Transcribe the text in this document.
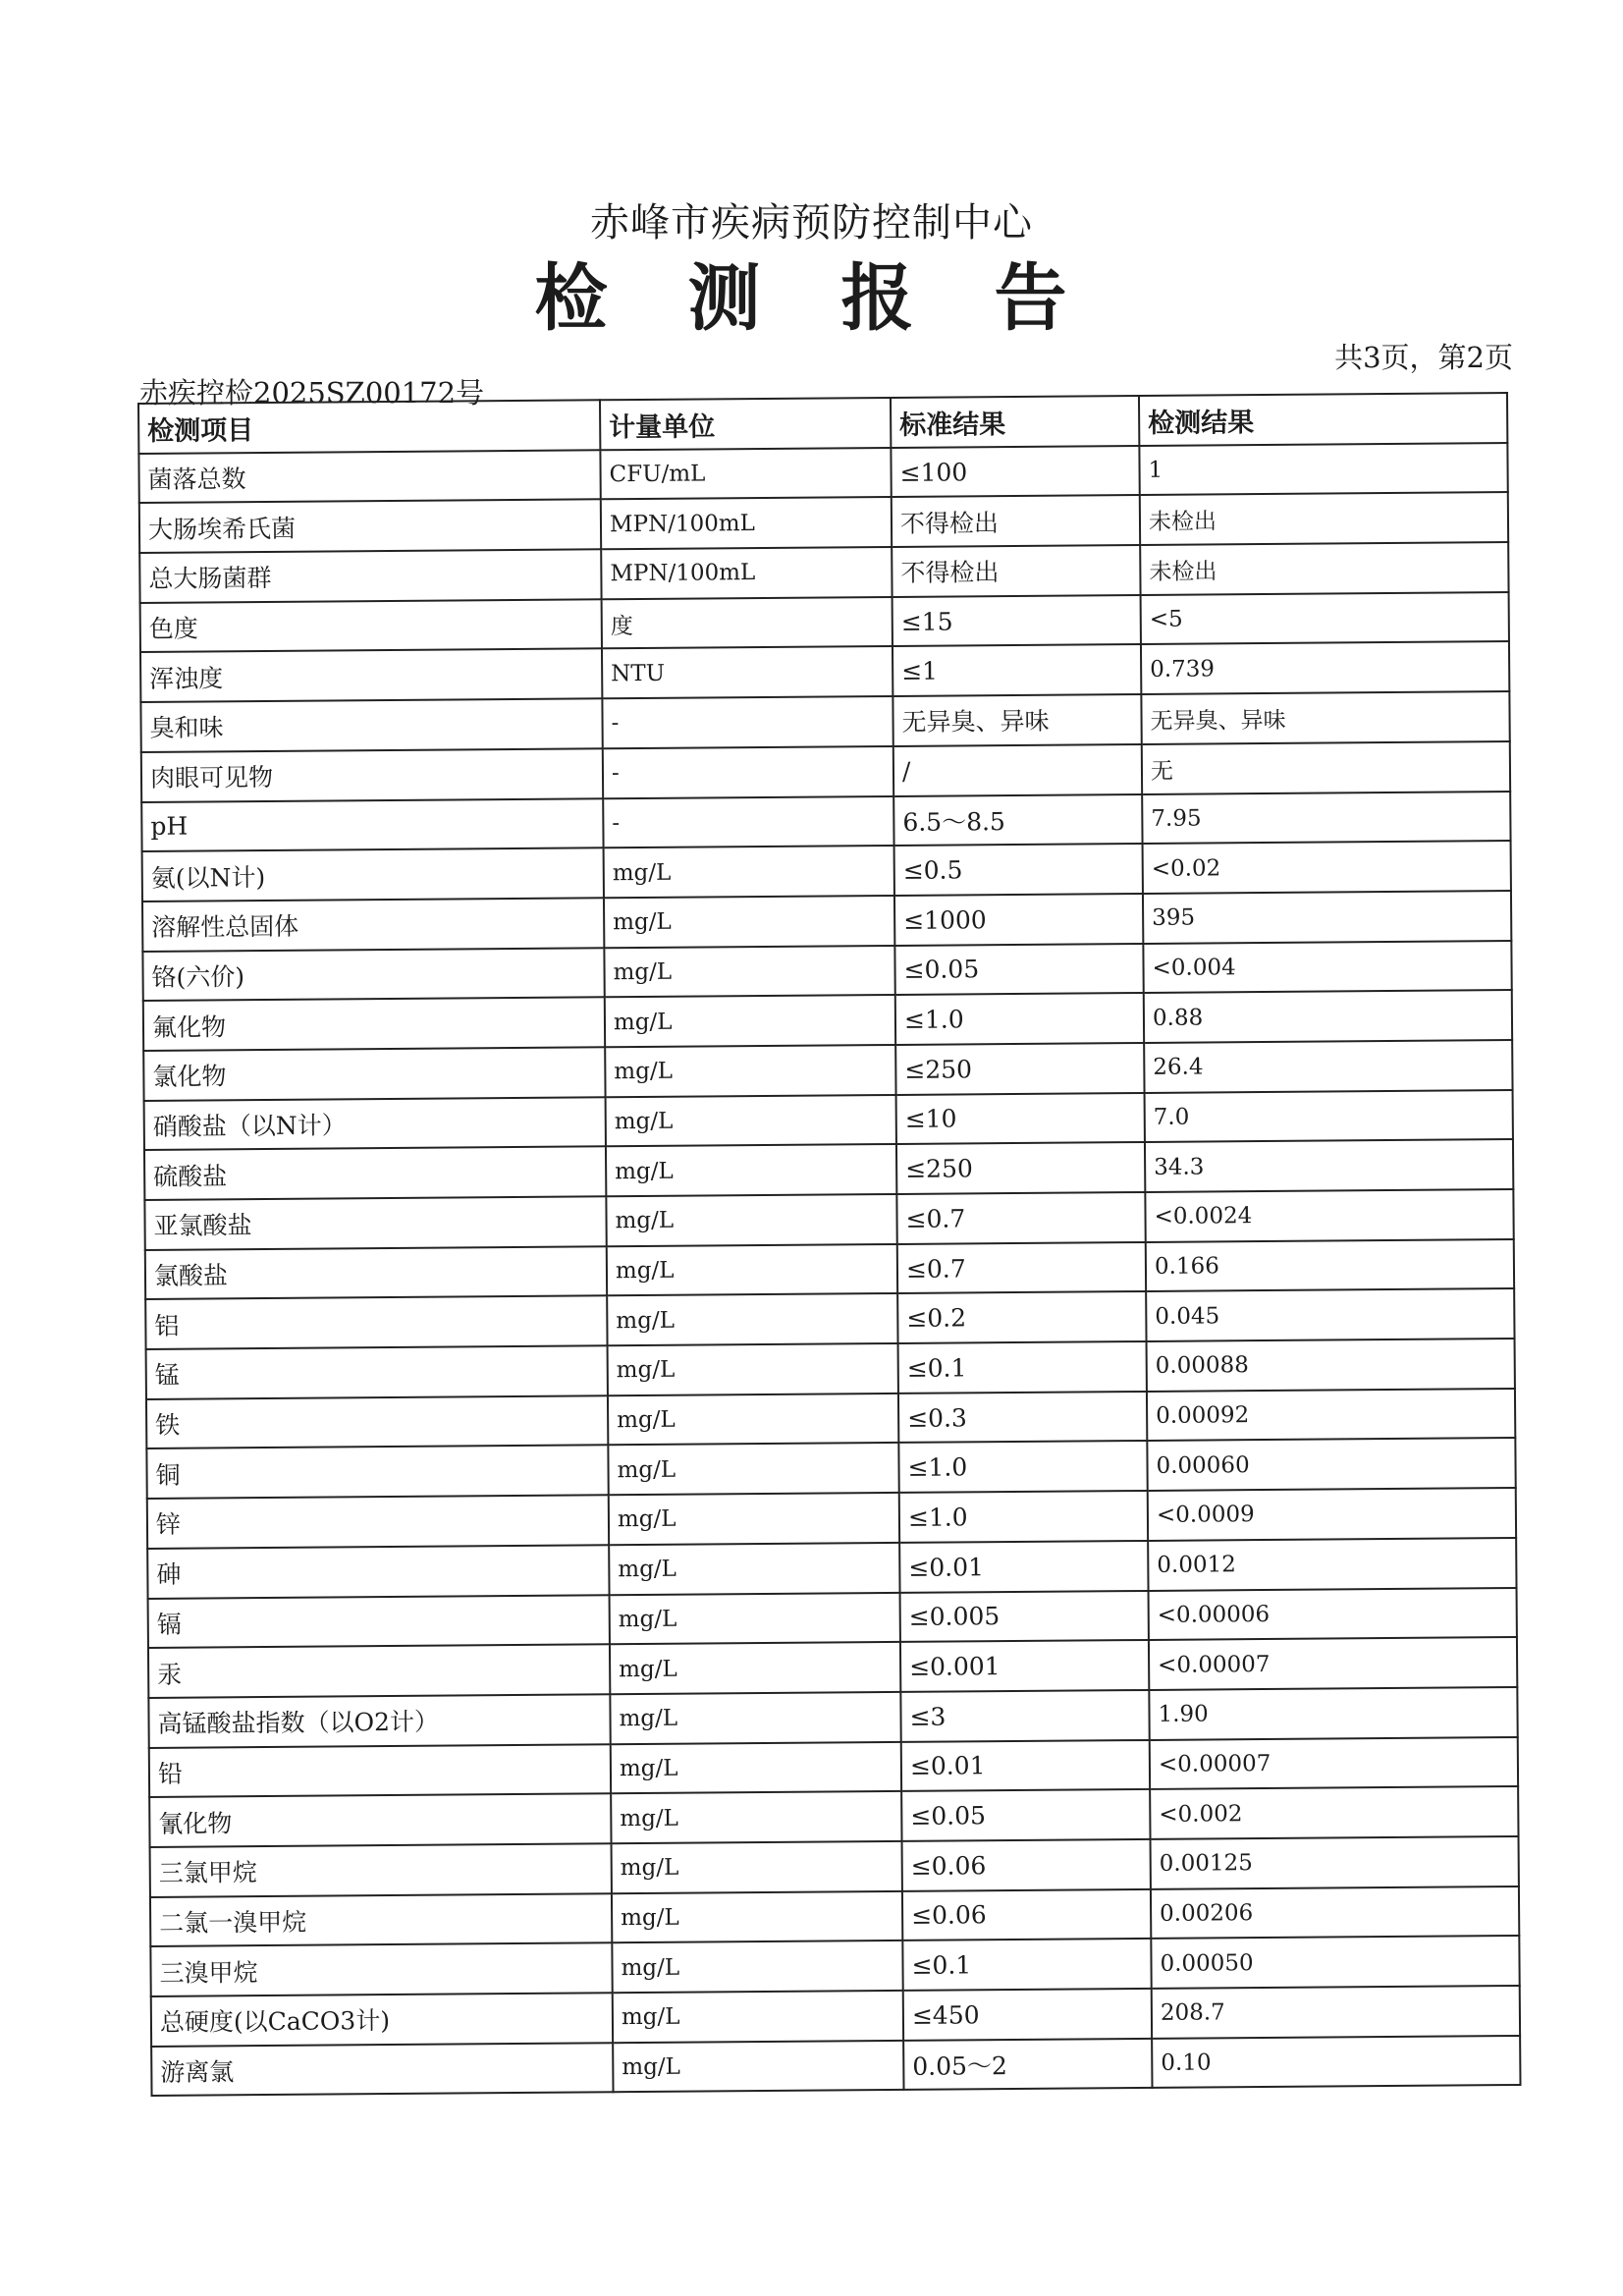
赤峰市疾病预防控制中心
检测报告
共3页，第2页
赤疾控检2025SZ00172号
检测项目	计量单位	标准结果	检测结果
菌落总数	CFU/mL	≤100	1
大肠埃希氏菌	MPN/100mL	不得检出	未检出
总大肠菌群	MPN/100mL	不得检出	未检出
色度	度	≤15	<5
浑浊度	NTU	≤1	0.739
臭和味	-	无异臭、异味	无异臭、异味
肉眼可见物	-	/	无
pH	-	6.5～8.5	7.95
氨(以N计)	mg/L	≤0.5	<0.02
溶解性总固体	mg/L	≤1000	395
铬(六价)	mg/L	≤0.05	<0.004
氟化物	mg/L	≤1.0	0.88
氯化物	mg/L	≤250	26.4
硝酸盐（以N计）	mg/L	≤10	7.0
硫酸盐	mg/L	≤250	34.3
亚氯酸盐	mg/L	≤0.7	<0.0024
氯酸盐	mg/L	≤0.7	0.166
铝	mg/L	≤0.2	0.045
锰	mg/L	≤0.1	0.00088
铁	mg/L	≤0.3	0.00092
铜	mg/L	≤1.0	0.00060
锌	mg/L	≤1.0	<0.0009
砷	mg/L	≤0.01	0.0012
镉	mg/L	≤0.005	<0.00006
汞	mg/L	≤0.001	<0.00007
高锰酸盐指数（以O2计）	mg/L	≤3	1.90
铅	mg/L	≤0.01	<0.00007
氰化物	mg/L	≤0.05	<0.002
三氯甲烷	mg/L	≤0.06	0.00125
二氯一溴甲烷	mg/L	≤0.06	0.00206
三溴甲烷	mg/L	≤0.1	0.00050
总硬度(以CaCO3计)	mg/L	≤450	208.7
游离氯	mg/L	0.05～2	0.10
